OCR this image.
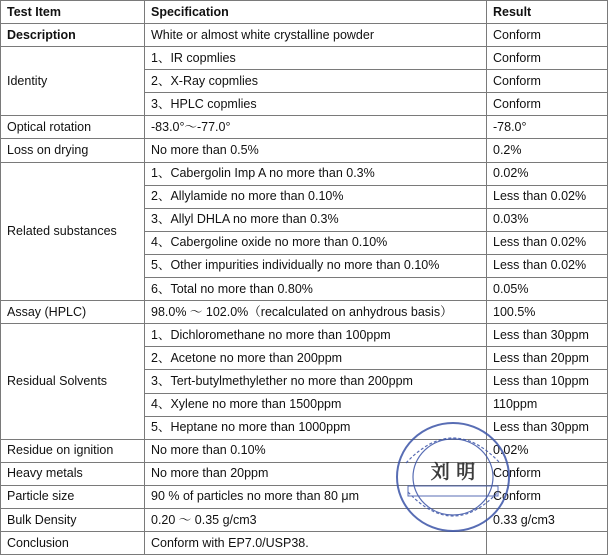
Test Item	Specification	Result
Description	White or almost white crystalline powder	Conform
Identity	1、IR copmlies	Conform
	2、X-Ray copmlies	Conform
	3、HPLC copmlies	Conform
Optical rotation	-83.0°～-77.0°	-78.0°
Loss on drying	No more than 0.5%	0.2%
Related substances	1、Cabergolin Imp A no more than 0.3%	0.02%
	2、Allylamide no more than 0.10%	Less than 0.02%
	3、Allyl DHLA no more than 0.3%	0.03%
	4、Cabergoline oxide no more than 0.10%	Less than 0.02%
	5、Other impurities individually no more than 0.10%	Less than 0.02%
	6、Total no more than 0.80%	0.05%
Assay (HPLC)	98.0% ～ 102.0%（recalculated on anhydrous basis）	100.5%
Residual Solvents	1、Dichloromethane no more than 100ppm	Less than 30ppm
	2、Acetone no more than 200ppm	Less than 20ppm
	3、Tert-butylmethylether no more than 200ppm	Less than 10ppm
	4、Xylene no more than 1500ppm	110ppm
	5、Heptane no more than 1000ppm	Less than 30ppm
Residue on ignition	No more than 0.10%	0.02%
Heavy metals	No more than 20ppm	Conform
Particle size	90 % of particles no more than 80 μm	Conform
Bulk Density	0.20 ～ 0.35 g/cm3	0.33 g/cm3
Conclusion	Conform with EP7.0/USP38.	
刘 明
